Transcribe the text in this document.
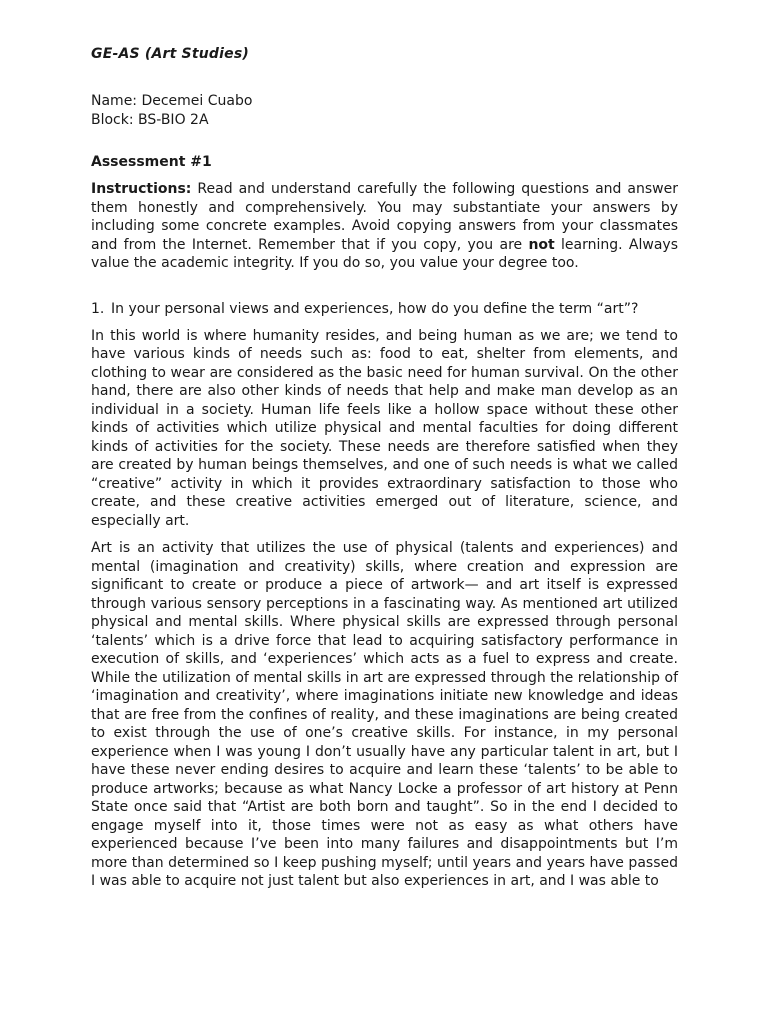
GE-AS (Art Studies)

Name: Decemei Cuabo
Block: BS-BIO 2A
Assessment #1
Instructions: Read and understand carefully the following questions and answer them honestly and comprehensively. You may substantiate your answers by including some concrete examples. Avoid copying answers from your classmates and from the Internet. Remember that if you copy, you are not learning. Always value the academic integrity. If you do so, you value your degree too.
1. In your personal views and experiences, how do you define the term “art”?
In this world is where humanity resides, and being human as we are; we tend to have various kinds of needs such as: food to eat, shelter from elements, and clothing to wear are considered as the basic need for human survival. On the other hand, there are also other kinds of needs that help and make man develop as an individual in a society. Human life feels like a hollow space without these other kinds of activities which utilize physical and mental faculties for doing different kinds of activities for the society. These needs are therefore satisfied when they are created by human beings themselves, and one of such needs is what we called “creative” activity in which it provides extraordinary satisfaction to those who create, and these creative activities emerged out of literature, science, and especially art.
Art is an activity that utilizes the use of physical (talents and experiences) and mental (imagination and creativity) skills, where creation and expression are significant to create or produce a piece of artwork— and art itself is expressed through various sensory perceptions in a fascinating way. As mentioned art utilized physical and mental skills. Where physical skills are expressed through personal ‘talents’ which is a drive force that lead to acquiring satisfactory performance in execution of skills, and ‘experiences’ which acts as a fuel to express and create. While the utilization of mental skills in art are expressed through the relationship of ‘imagination and creativity’, where imaginations initiate new knowledge and ideas that are free from the confines of reality, and these imaginations are being created to exist through the use of one’s creative skills. For instance, in my personal experience when I was young I don’t usually have any particular talent in art, but I have these never ending desires to acquire and learn these ‘talents’ to be able to produce artworks; because as what Nancy Locke a professor of art history at Penn State once said that “Artist are both born and taught”. So in the end I decided to engage myself into it, those times were not as easy as what others have experienced because I’ve been into many failures and disappointments but I’m more than determined so I keep pushing myself; until years and years have passed I was able to acquire not just talent but also experiences in art, and I was able to
